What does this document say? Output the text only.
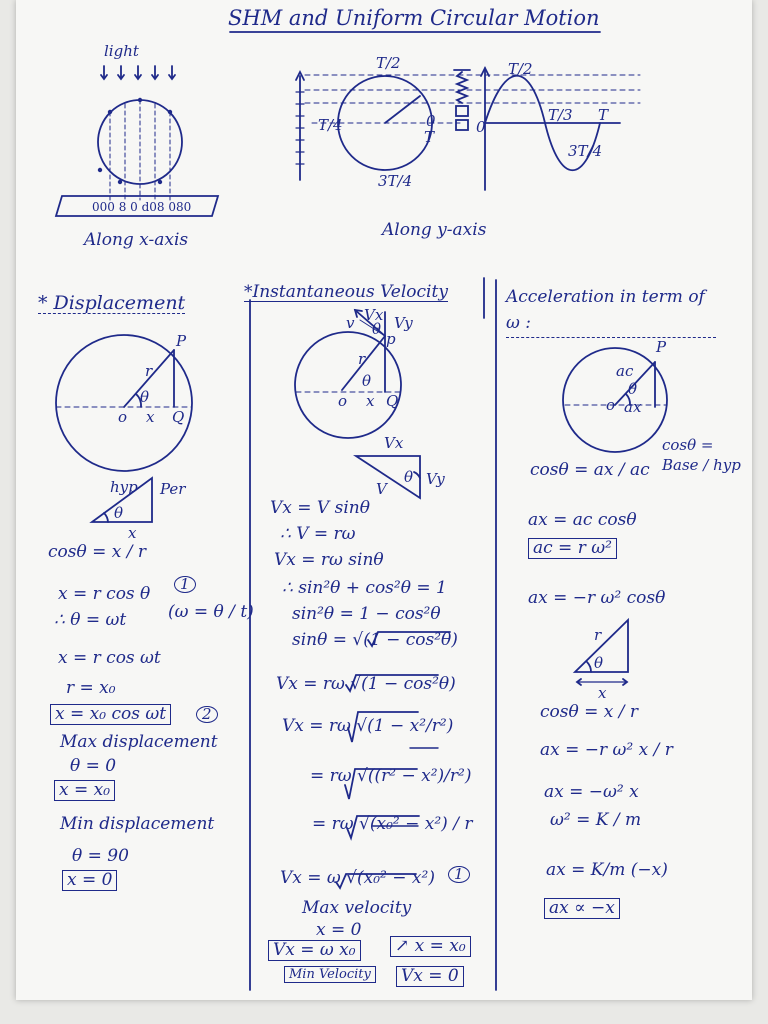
000 8 0 d08 080
SHM and Uniform Circular Motion
light
Along x-axis	Along y-axis
T/2
T/4	0
T
3T/4
T/2
T/3 T
3T/4
0
* Displacement
r
θ
o x Q
P
hyp Per
θ
x
cosθ = x / r
x = r cos θ	1
(ω = θ / t)
∴ θ = ωt
x = r cos ωt
r = x₀
x = x₀ cos ωt	2
Max displacement
θ = 0
x = x₀
Min displacement
θ = 90
x = 0
*Instantaneous Velocity
v Vx Vy
θ
p
r
θ
o x Q
Vx
Vy
V
θ
Vx = V sinθ
∴ V = rω
Vx = rω sinθ
∴ sin²θ + cos²θ = 1
sin²θ = 1 − cos²θ
sinθ = √(1 − cos²θ)
Vx = rω √(1 − cos²θ)
Vx = rω √(1 − x²/r²)
= rω √((r² − x²)/r²)
= rω √(x₀² − x²) / r
Vx = ω √(x₀² − x²)	1
Max velocity
x = 0
Vx = ω x₀
Min Velocity
↗ x = x₀
Vx = 0
Acceleration in term of ω :
P
ac
θ
o ax
cosθ = Base / hyp
cosθ = ax / ac
ax = ac cosθ
ac = r ω²
ax = −r ω² cosθ
r
θ
x
cosθ = x / r
ax = −r ω² x / r
ax = −ω² x
ω² = K / m
ax = K/m (−x)
ax ∝ −x
